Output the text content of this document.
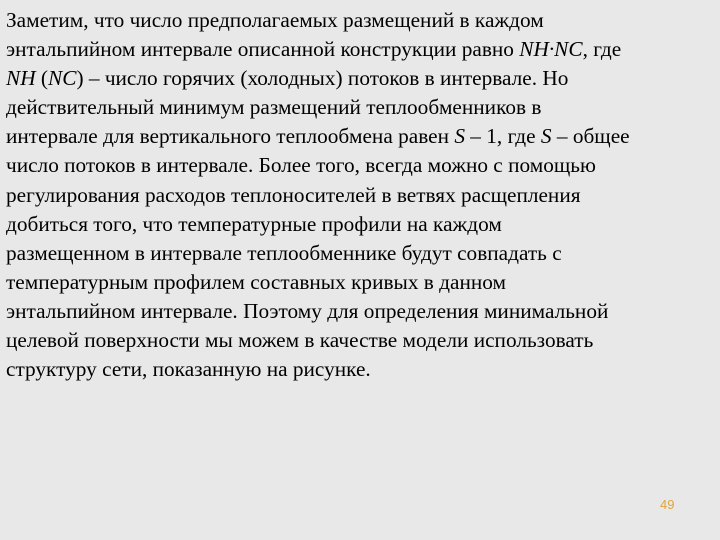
Заметим, что число предполагаемых размещений в каждом
энтальпийном интервале описанной конструкции равно NH·NC, где
NH (NC) – число горячих (холодных) потоков в интервале. Но
действительный минимум размещений теплообменников в
интервале для вертикального теплообмена равен S – 1, где S – общее
число потоков в интервале. Более того, всегда можно с помощью
регулирования расходов теплоносителей в ветвях расщепления
добиться того, что температурные профили на каждом
размещенном в интервале теплообменнике будут совпадать с
температурным профилем составных кривых в данном
энтальпийном интервале. Поэтому для определения минимальной
целевой поверхности мы можем в качестве модели использовать
структуру сети, показанную на рисунке.
49
